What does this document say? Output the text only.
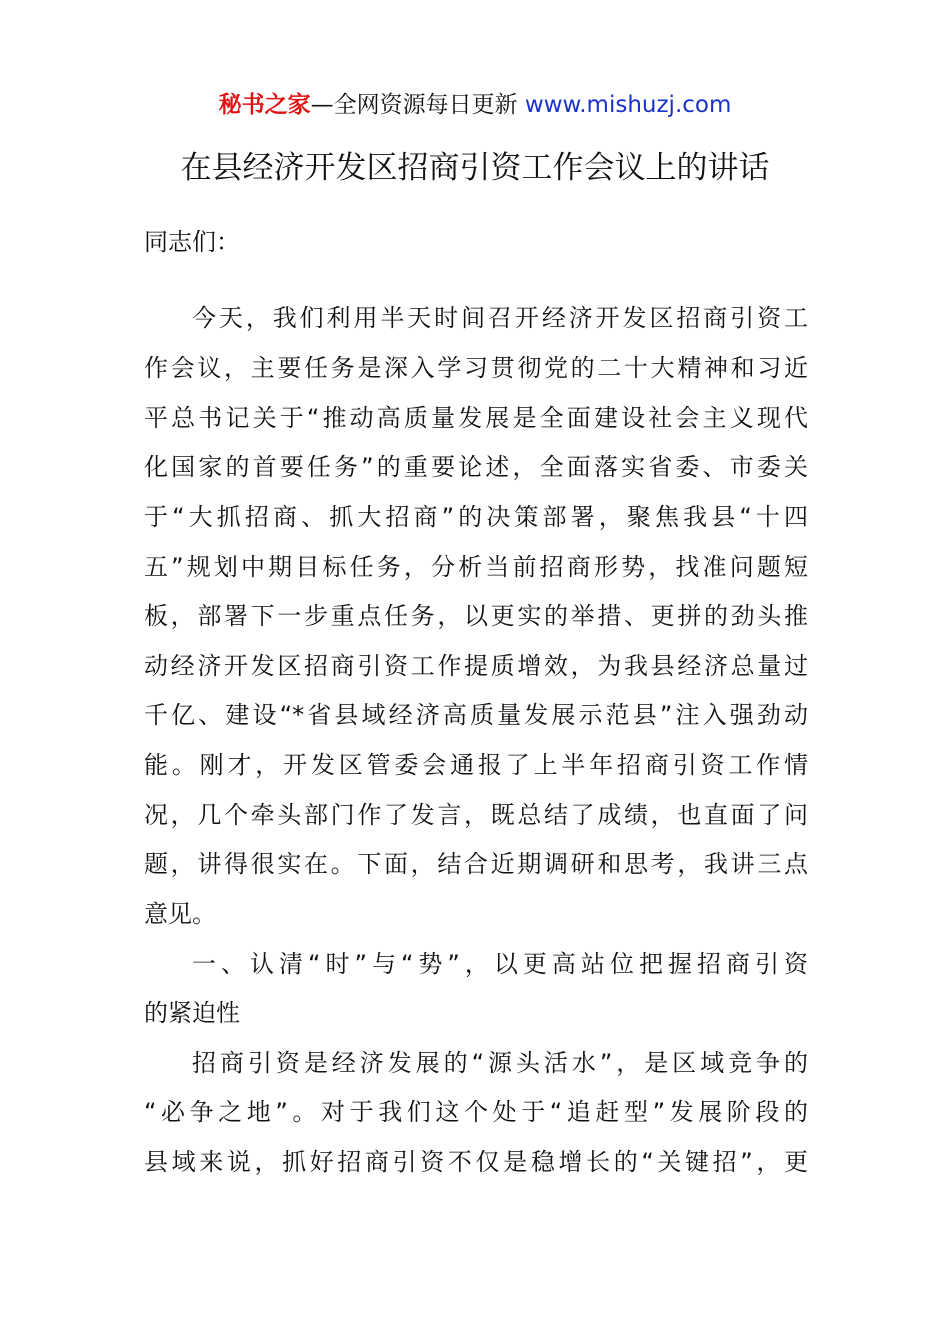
秘书之家—全网资源每日更新 www.mishuzj.com
在县经济开发区招商引资工作会议上的讲话
同志们：
今天，我们利用半天时间召开经济开发区招商引资工
作会议，主要任务是深入学习贯彻党的二十大精神和习近
平总书记关于“推动高质量发展是全面建设社会主义现代
化国家的首要任务”的重要论述，全面落实省委、市委关
于“大抓招商、抓大招商”的决策部署，聚焦我县“十四
五”规划中期目标任务，分析当前招商形势，找准问题短
板，部署下一步重点任务，以更实的举措、更拼的劲头推
动经济开发区招商引资工作提质增效，为我县经济总量过
千亿、建设“*省县域经济高质量发展示范县”注入强劲动
能。刚才，开发区管委会通报了上半年招商引资工作情
况，几个牵头部门作了发言，既总结了成绩，也直面了问
题，讲得很实在。下面，结合近期调研和思考，我讲三点
意见。
一、认清“时”与“势”，以更高站位把握招商引资
的紧迫性
招商引资是经济发展的“源头活水”，是区域竞争的
“必争之地”。对于我们这个处于“追赶型”发展阶段的
县域来说，抓好招商引资不仅是稳增长的“关键招”，更
